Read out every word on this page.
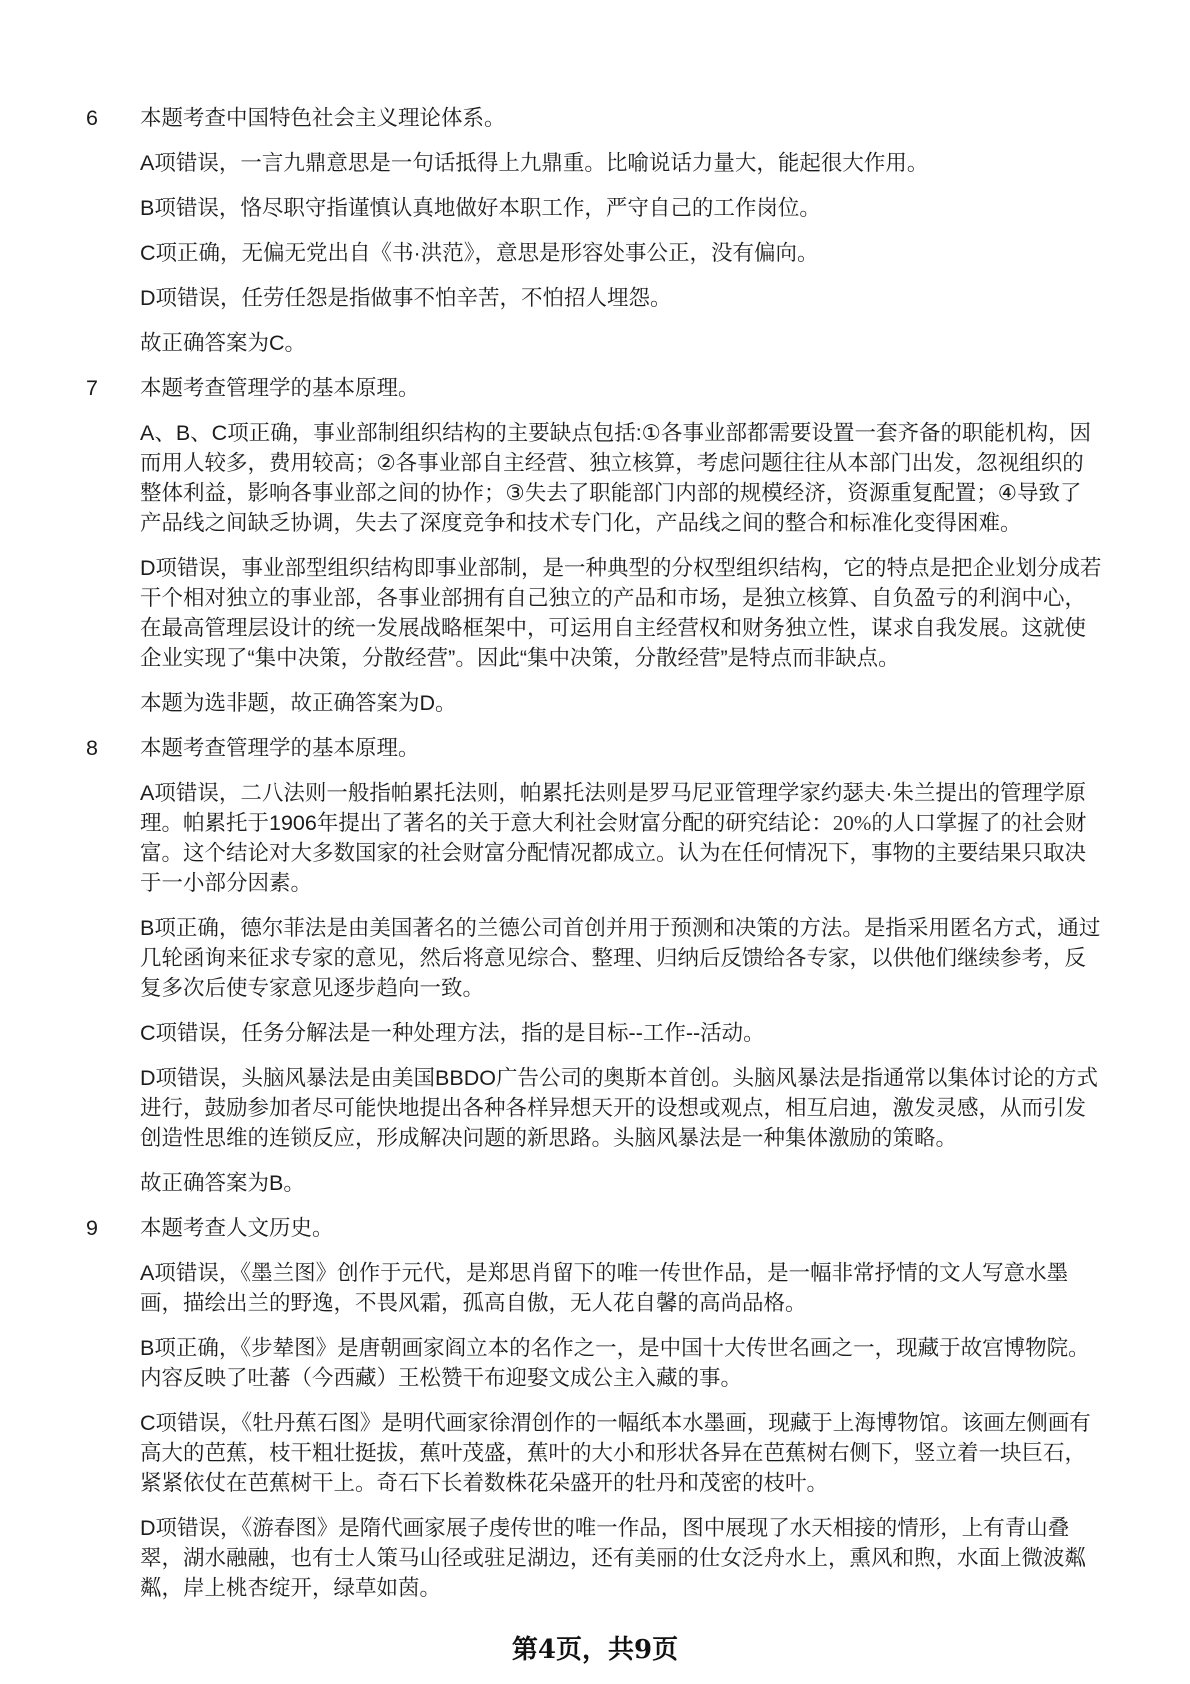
6 本题考查中国特色社会主义理论体系。
A项错误，一言九鼎意思是一句话抵得上九鼎重。比喻说话力量大，能起很大作用。
B项错误，恪尽职守指谨慎认真地做好本职工作，严守自己的工作岗位。
C项正确，无偏无党出自《书·洪范》，意思是形容处事公正，没有偏向。
D项错误，任劳任怨是指做事不怕辛苦，不怕招人埋怨。
故正确答案为C。
7 本题考查管理学的基本原理。
A、B、C项正确，事业部制组织结构的主要缺点包括:①各事业部都需要设置一套齐备的职能机构，因
而用人较多，费用较高；②各事业部自主经营、独立核算，考虑问题往往从本部门出发，忽视组织的
整体利益，影响各事业部之间的协作；③失去了职能部门内部的规模经济，资源重复配置；④导致了
产品线之间缺乏协调，失去了深度竞争和技术专门化，产品线之间的整合和标准化变得困难。
D项错误，事业部型组织结构即事业部制，是一种典型的分权型组织结构，它的特点是把企业划分成若
干个相对独立的事业部，各事业部拥有自己独立的产品和市场，是独立核算、自负盈亏的利润中心，
在最高管理层设计的统一发展战略框架中，可运用自主经营权和财务独立性，谋求自我发展。这就使
企业实现了“集中决策，分散经营”。因此“集中决策，分散经营”是特点而非缺点。
本题为选非题，故正确答案为D。
8 本题考查管理学的基本原理。
A项错误，二八法则一般指帕累托法则，帕累托法则是罗马尼亚管理学家约瑟夫·朱兰提出的管理学原
理。帕累托于1906年提出了著名的关于意大利社会财富分配的研究结论：20%的人口掌握了的社会财
富。这个结论对大多数国家的社会财富分配情况都成立。认为在任何情况下，事物的主要结果只取决
于一小部分因素。
B项正确，德尔菲法是由美国著名的兰德公司首创并用于预测和决策的方法。是指采用匿名方式，通过
几轮函询来征求专家的意见，然后将意见综合、整理、归纳后反馈给各专家，以供他们继续参考，反
复多次后使专家意见逐步趋向一致。
C项错误，任务分解法是一种处理方法，指的是目标--工作--活动。
D项错误，头脑风暴法是由美国BBDO广告公司的奥斯本首创。头脑风暴法是指通常以集体讨论的方式
进行，鼓励参加者尽可能快地提出各种各样异想天开的设想或观点，相互启迪，激发灵感，从而引发
创造性思维的连锁反应，形成解决问题的新思路。头脑风暴法是一种集体激励的策略。
故正确答案为B。
9 本题考查人文历史。
A项错误，《墨兰图》创作于元代，是郑思肖留下的唯一传世作品，是一幅非常抒情的文人写意水墨
画，描绘出兰的野逸，不畏风霜，孤高自傲，无人花自馨的高尚品格。
B项正确，《步辇图》是唐朝画家阎立本的名作之一，是中国十大传世名画之一，现藏于故宫博物院。
内容反映了吐蕃（今西藏）王松赞干布迎娶文成公主入藏的事。
C项错误，《牡丹蕉石图》是明代画家徐渭创作的一幅纸本水墨画，现藏于上海博物馆。该画左侧画有
高大的芭蕉，枝干粗壮挺拔，蕉叶茂盛，蕉叶的大小和形状各异在芭蕉树右侧下，竖立着一块巨石，
紧紧依仗在芭蕉树干上。奇石下长着数株花朵盛开的牡丹和茂密的枝叶。
D项错误，《游春图》是隋代画家展子虔传世的唯一作品，图中展现了水天相接的情形，上有青山叠
翠，湖水融融，也有士人策马山径或驻足湖边，还有美丽的仕女泛舟水上，熏风和煦，水面上微波粼
粼，岸上桃杏绽开，绿草如茵。
第4页，共9页
